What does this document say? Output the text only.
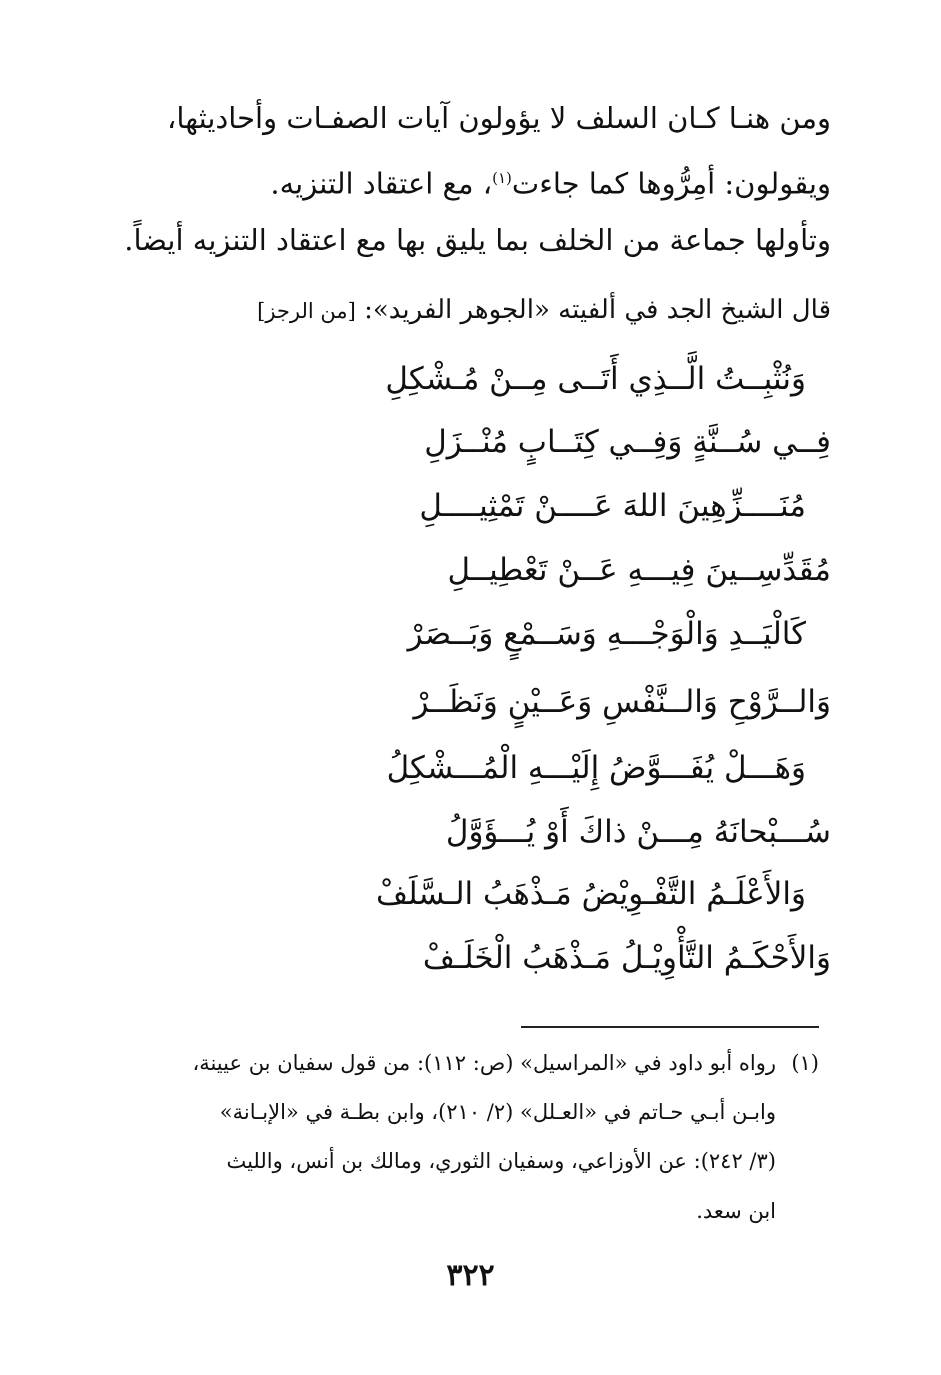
ومن هنـا كـان السلف لا يؤولون آيات الصفـات وأحاديثها،
ويقولون: أمِرُّوها كما جاءت$^{(١)}$، مع اعتقاد التنزيه.
وتأولها جماعة من الخلف بما يليق بها مع اعتقاد التنزيه أيضاً.
قال الشيخ الجد في ألفيته «الجوهر الفريد»: [من الرجز]
وَنُثْبِــتُ الَّــذِي أَتَــى مِــنْ مُـشْكِلِ
فِــي سُــنَّةٍ وَفِــي كِتَــابٍ مُنْــزَلِ
مُنَــــزِّهِينَ اللهَ عَــــنْ تَمْثِيــــلِ
مُقَدِّسِــينَ فِيـــهِ عَــنْ تَعْطِيــلِ
كَالْيَــدِ وَالْوَجْـــهِ وَسَــمْعٍ وَبَــصَرْ
وَالــرَّوْحِ وَالــنَّفْسِ وَعَــيْنٍ وَنَظَــرْ
وَهَـــلْ يُفَـــوَّضُ إِلَيْـــهِ الْمُـــشْكِلُ
سُـــبْحانَهُ مِـــنْ ذاكَ أَوْ يُـــؤَوَّلُ
وَالأَعْلَـمُ التَّفْـوِيْضُ مَـذْهَبُ الـسَّلَفْ
وَالأَحْكَـمُ التَّأْوِيْـلُ مَـذْهَبُ الْخَلَـفْ
(١)
رواه أبو داود في «المراسيل» (ص: ١١٢): من قول سفيان بن عيينة،
وابـن أبـي حـاتم في «العـلل» (٢/ ٢١٠)، وابن بطـة في «الإبـانة»
(٣/ ٢٤٢): عن الأوزاعي، وسفيان الثوري، ومالك بن أنس، والليث
ابن سعد.
٣٢٢
